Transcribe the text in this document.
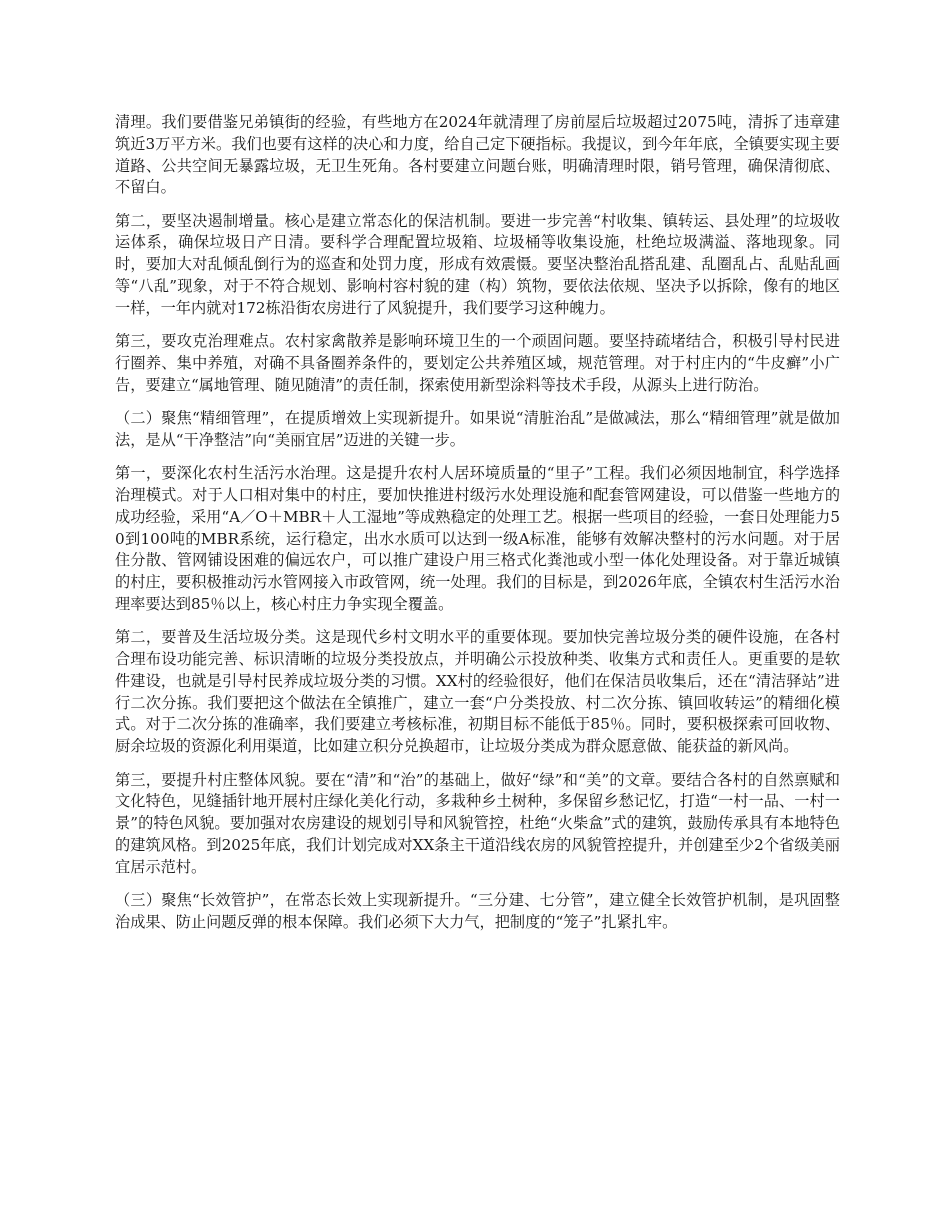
清理。我们要借鉴兄弟镇街的经验，有些地方在2024年就清理了房前屋后垃圾超过2075吨，清拆了违章建筑近3万平方米。我们也要有这样的决心和力度，给自己定下硬指标。我提议，到今年年底，全镇要实现主要道路、公共空间无暴露垃圾，无卫生死角。各村要建立问题台账，明确清理时限，销号管理，确保清彻底、不留白。

第二，要坚决遏制增量。核心是建立常态化的保洁机制。要进一步完善“村收集、镇转运、县处理”的垃圾收运体系，确保垃圾日产日清。要科学合理配置垃圾箱、垃圾桶等收集设施，杜绝垃圾满溢、落地现象。同时，要加大对乱倾乱倒行为的巡查和处罚力度，形成有效震慑。要坚决整治乱搭乱建、乱圈乱占、乱贴乱画等“八乱”现象，对于不符合规划、影响村容村貌的建（构）筑物，要依法依规、坚决予以拆除，像有的地区一样，一年内就对172栋沿街农房进行了风貌提升，我们要学习这种魄力。

第三，要攻克治理难点。农村家禽散养是影响环境卫生的一个顽固问题。要坚持疏堵结合，积极引导村民进行圈养、集中养殖，对确不具备圈养条件的，要划定公共养殖区域，规范管理。对于村庄内的“牛皮癣”小广告，要建立“属地管理、随见随清”的责任制，探索使用新型涂料等技术手段，从源头上进行防治。

（二）聚焦“精细管理”，在提质增效上实现新提升。如果说“清脏治乱”是做减法，那么“精细管理”就是做加法，是从“干净整洁”向“美丽宜居”迈进的关键一步。

第一，要深化农村生活污水治理。这是提升农村人居环境质量的“里子”工程。我们必须因地制宜，科学选择治理模式。对于人口相对集中的村庄，要加快推进村级污水处理设施和配套管网建设，可以借鉴一些地方的成功经验，采用“A／O＋MBR＋人工湿地”等成熟稳定的处理工艺。根据一些项目的经验，一套日处理能力50到100吨的MBR系统，运行稳定，出水水质可以达到一级A标准，能够有效解决整村的污水问题。对于居住分散、管网铺设困难的偏远农户，可以推广建设户用三格式化粪池或小型一体化处理设备。对于靠近城镇的村庄，要积极推动污水管网接入市政管网，统一处理。我们的目标是，到2026年底，全镇农村生活污水治理率要达到85％以上，核心村庄力争实现全覆盖。

第二，要普及生活垃圾分类。这是现代乡村文明水平的重要体现。要加快完善垃圾分类的硬件设施，在各村合理布设功能完善、标识清晰的垃圾分类投放点，并明确公示投放种类、收集方式和责任人。更重要的是软件建设，也就是引导村民养成垃圾分类的习惯。XX村的经验很好，他们在保洁员收集后，还在“清洁驿站”进行二次分拣。我们要把这个做法在全镇推广，建立一套“户分类投放、村二次分拣、镇回收转运”的精细化模式。对于二次分拣的准确率，我们要建立考核标准，初期目标不能低于85％。同时，要积极探索可回收物、厨余垃圾的资源化利用渠道，比如建立积分兑换超市，让垃圾分类成为群众愿意做、能获益的新风尚。

第三，要提升村庄整体风貌。要在“清”和“治”的基础上，做好“绿”和“美”的文章。要结合各村的自然禀赋和文化特色，见缝插针地开展村庄绿化美化行动，多栽种乡土树种，多保留乡愁记忆，打造“一村一品、一村一景”的特色风貌。要加强对农房建设的规划引导和风貌管控，杜绝“火柴盒”式的建筑，鼓励传承具有本地特色的建筑风格。到2025年底，我们计划完成对XX条主干道沿线农房的风貌管控提升，并创建至少2个省级美丽宜居示范村。

（三）聚焦“长效管护”，在常态长效上实现新提升。“三分建、七分管”，建立健全长效管护机制，是巩固整治成果、防止问题反弹的根本保障。我们必须下大力气，把制度的“笼子”扎紧扎牢。
